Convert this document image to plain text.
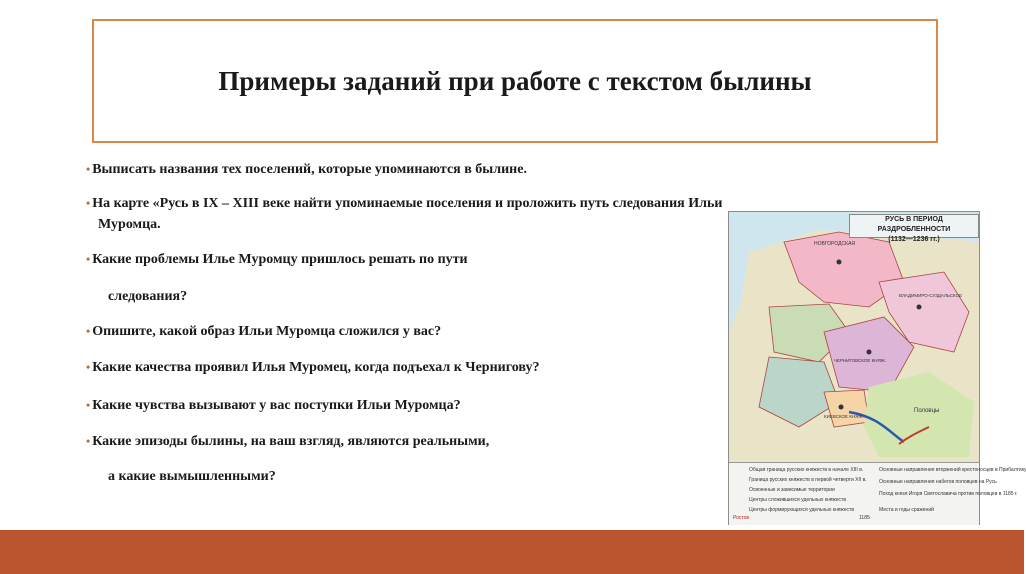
Примеры заданий при работе с текстом былины
• Выписать названия тех поселений, которые упоминаются в былине.
• На карте «Русь в IX – XIII веке найти упоминаемые поселения и проложить путь следования Ильи
Муромца.
• Какие проблемы Илье Муромцу пришлось решать по пути
следования?
• Опишите, какой образ Ильи Муромца сложился у вас?
• Какие качества проявил Илья Муромец, когда подъехал к Чернигову?
• Какие чувства вызывают у вас поступки Ильи Муромца?
• Какие эпизоды былины, на ваш взгляд, являются реальными,
а какие вымышленными?
НОВГОРОДСКАЯ
ВЛАДИМИРО-СУЗДАЛЬСКОЕ
ЧЕРНИГОВСКОЕ КНЯЖ.
КИЕВСКОЕ КНЯЖ.
Половцы
РУСЬ В ПЕРИОД РАЗДРОБЛЕННОСТИ
(1132—1236 гг.)
Общая граница русских княжеств в начале XIII в.
Граница русских княжеств в первой четверти XII в.
Освоенные и зависимые территории
Центры сложившихся удельных княжеств
Центры формирующихся удельных княжеств
Ростов
Основные направления вторжений крестоносцев в Прибалтику
Основные направления набегов половцев на Русь
Поход князя Игоря Святославича против половцев в 1185 г.
Места и годы сражений
1185
